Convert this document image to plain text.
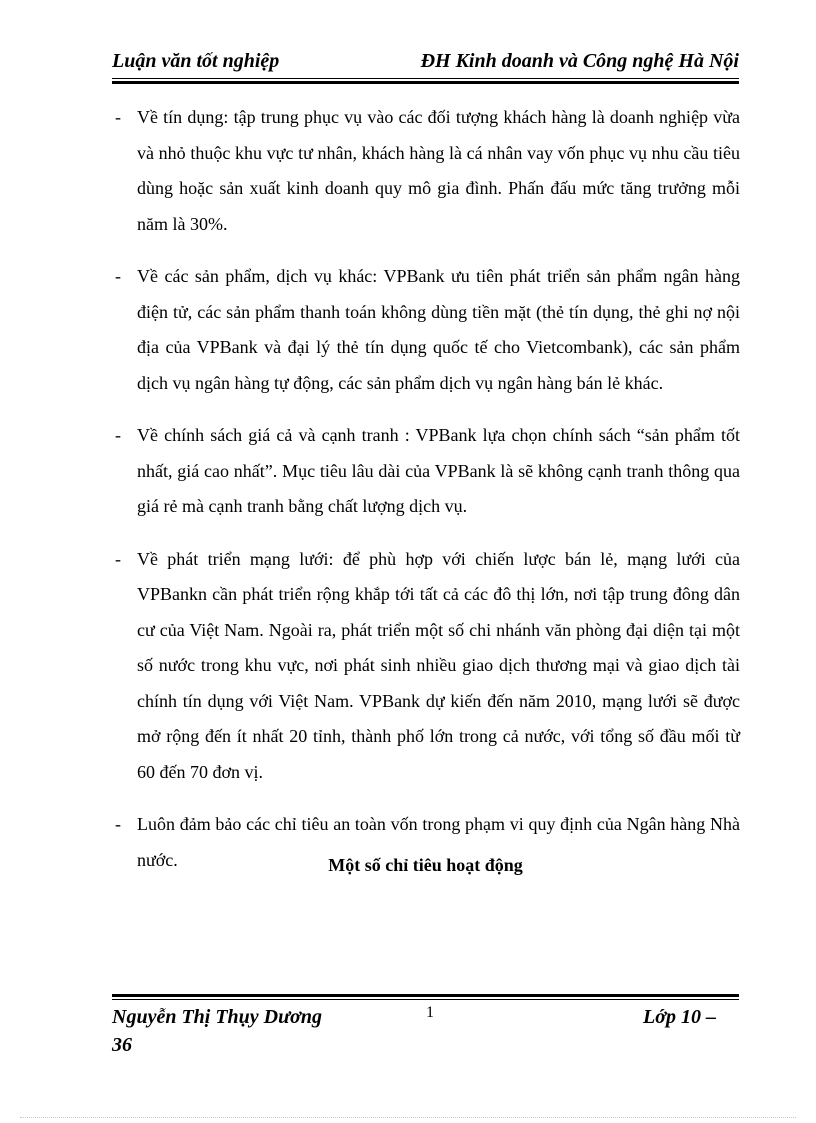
Luận văn tốt nghiệp	ĐH Kinh doanh và Công nghệ Hà Nội
- Về tín dụng: tập trung phục vụ vào các đối tượng khách hàng là doanh nghiệp vừa và nhỏ thuộc khu vực tư nhân, khách hàng là cá nhân vay vốn phục vụ nhu cầu tiêu dùng hoặc sản xuất kinh doanh quy mô gia đình. Phấn đấu mức tăng trưởng mỗi năm là 30%.
- Về các sản phẩm, dịch vụ khác: VPBank ưu tiên phát triển sản phẩm ngân hàng điện tử, các sản phẩm thanh toán không dùng tiền mặt (thẻ tín dụng, thẻ ghi nợ nội địa của VPBank và đại lý thẻ tín dụng quốc tế cho Vietcombank), các sản phẩm dịch vụ ngân hàng tự động, các sản phẩm dịch vụ ngân hàng bán lẻ khác.
- Về chính sách giá cả và cạnh tranh : VPBank lựa chọn chính sách “sản phẩm tốt nhất, giá cao nhất”. Mục tiêu lâu dài của VPBank là sẽ không cạnh tranh thông qua giá rẻ mà cạnh tranh bằng chất lượng dịch vụ.
- Về phát triển mạng lưới: để phù hợp với chiến lược bán lẻ, mạng lưới của VPBankn cần phát triển rộng khắp tới tất cả các đô thị lớn, nơi tập trung đông dân cư của Việt Nam. Ngoài ra, phát triển một số chi nhánh văn phòng đại diện tại một số nước trong khu vực, nơi phát sinh nhiều giao dịch thương mại và giao dịch tài chính tín dụng với Việt Nam. VPBank dự kiến đến năm 2010, mạng lưới sẽ được mở rộng đến ít nhất 20 tỉnh, thành phố lớn trong cả nước, với tổng số đầu mối từ 60 đến 70 đơn vị.
- Luôn đảm bảo các chỉ tiêu an toàn vốn trong phạm vi quy định của Ngân hàng Nhà nước.	Một số chỉ tiêu hoạt động
Nguyễn Thị Thụy Dương	1	Lớp 10 –
36
